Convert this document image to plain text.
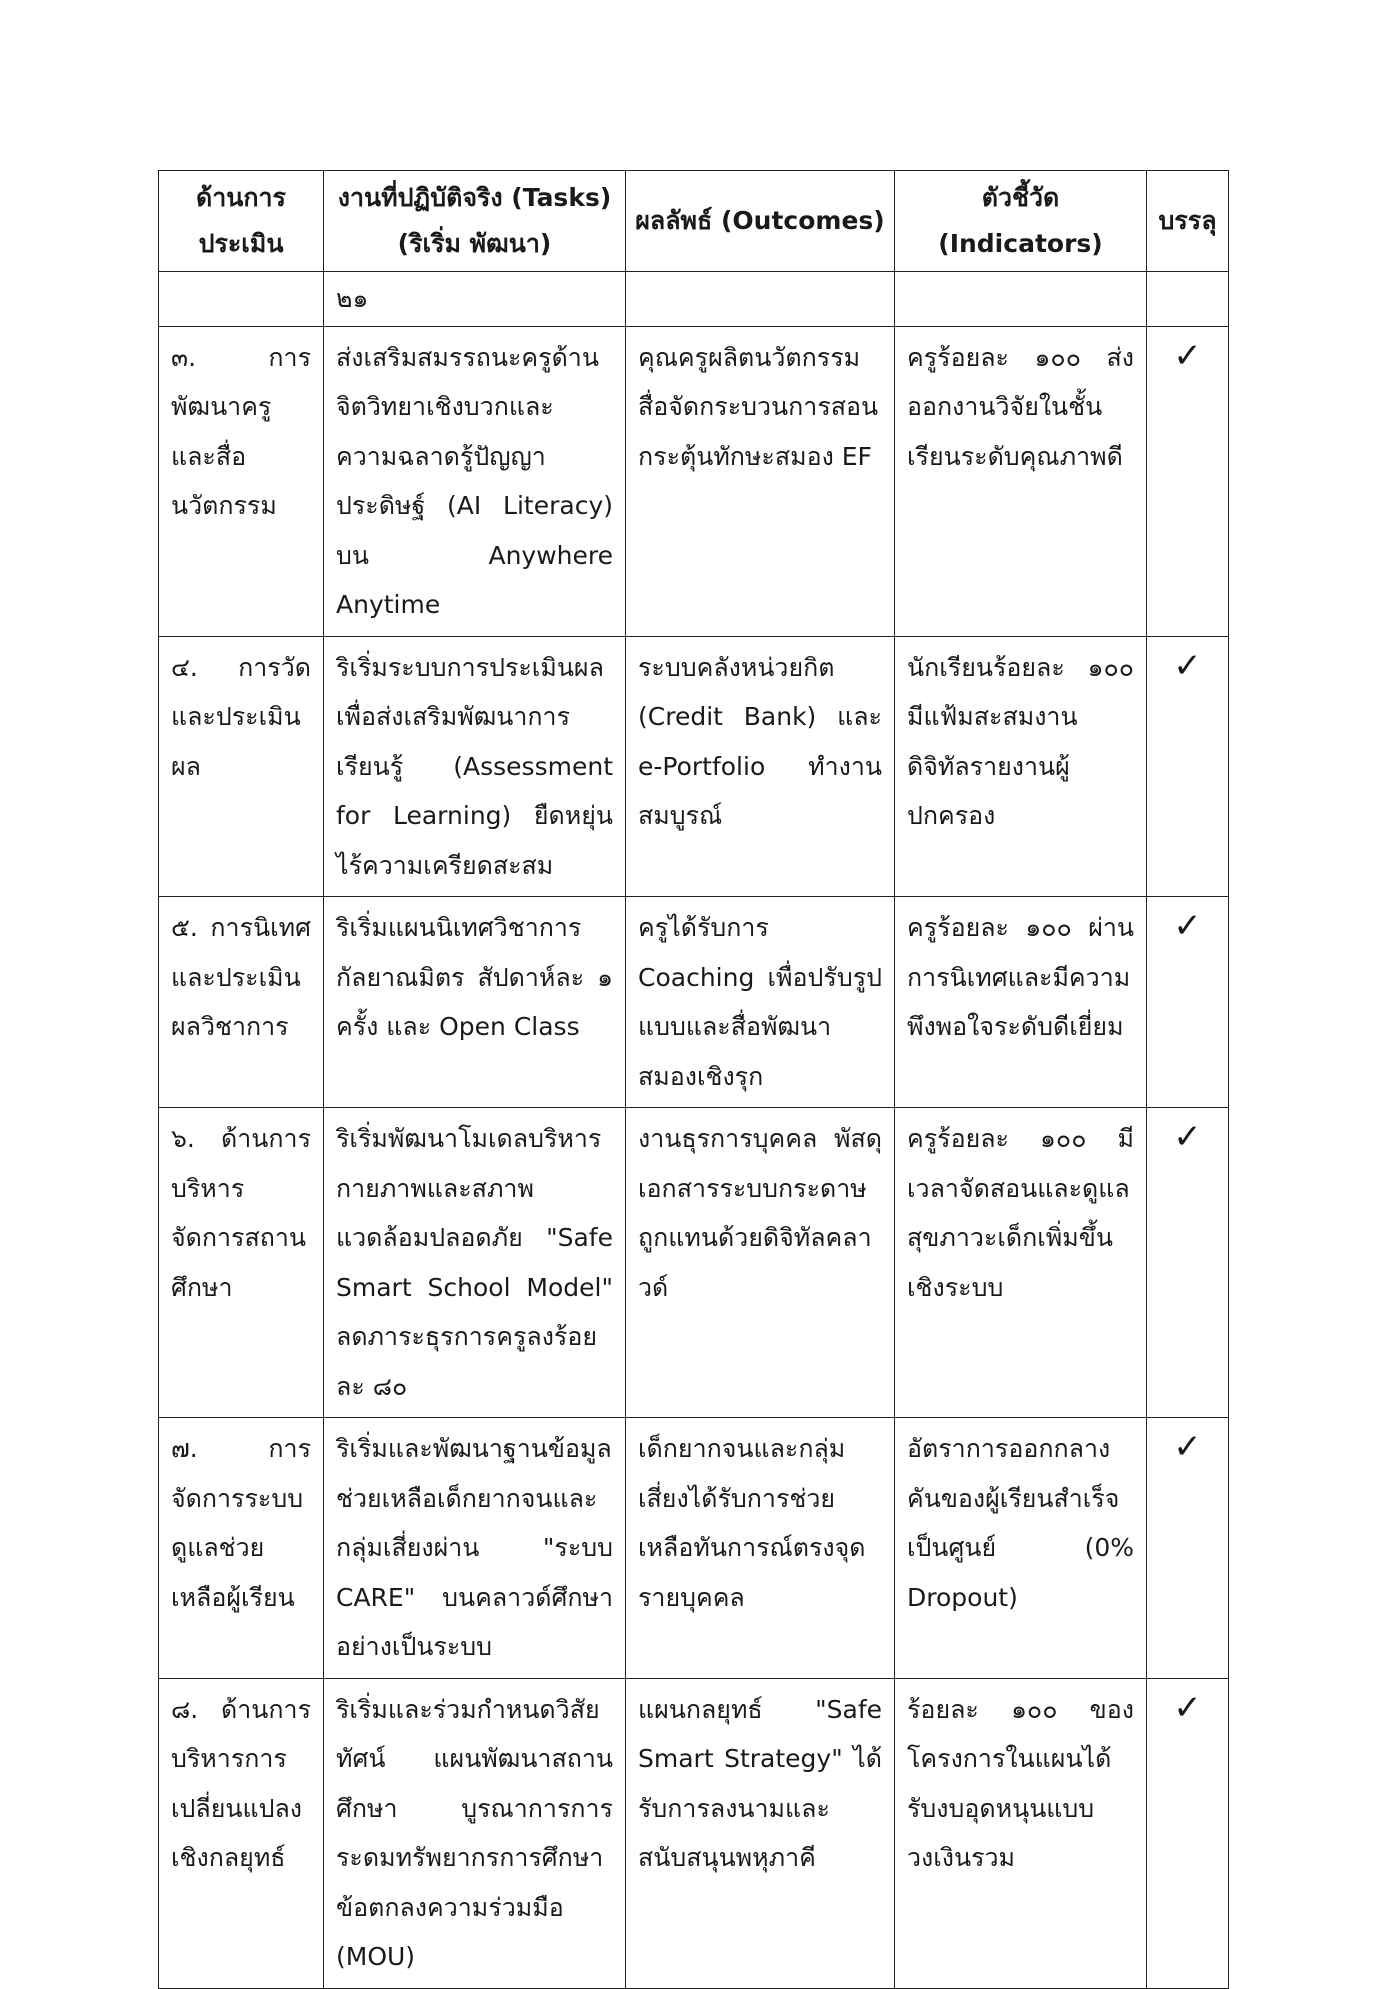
ด้านการประเมิน	งานที่ปฏิบัติจริง (Tasks) (ริเริ่ม พัฒนา)	ผลลัพธ์ (Outcomes)	ตัวชี้วัด (Indicators)	บรรลุ
	๒๑			
๓. การพัฒนาครูและสื่อนวัตกรรม	ส่งเสริมสมรรถนะครูด้านจิตวิทยาเชิงบวกและความฉลาดรู้ปัญญาประดิษฐ์ (AI Literacy) บน Anywhere Anytime	คุณครูผลิตนวัตกรรมสื่อจัดกระบวนการสอนกระตุ้นทักษะสมอง EF	ครูร้อยละ ๑๐๐ ส่งออกงานวิจัยในชั้นเรียนระดับคุณภาพดี	✓
๔. การวัดและประเมินผล	ริเริ่มระบบการประเมินผลเพื่อส่งเสริมพัฒนาการเรียนรู้ (Assessment for Learning) ยืดหยุ่น ไร้ความเครียดสะสม	ระบบคลังหน่วยกิต (Credit Bank) และ e-Portfolio ทำงานสมบูรณ์	นักเรียนร้อยละ ๑๐๐ มีแฟ้มสะสมงานดิจิทัลรายงานผู้ปกครอง	✓
๕. การนิเทศและประเมินผลวิชาการ	ริเริ่มแผนนิเทศวิชาการกัลยาณมิตร สัปดาห์ละ ๑ ครั้ง และ Open Class	ครูได้รับการ Coaching เพื่อปรับรูปแบบและสื่อพัฒนาสมองเชิงรุก	ครูร้อยละ ๑๐๐ ผ่านการนิเทศและมีความพึงพอใจระดับดีเยี่ยม	✓
๖. ด้านการบริหารจัดการสถานศึกษา	ริเริ่มพัฒนาโมเดลบริหารกายภาพและสภาพแวดล้อมปลอดภัย "Safe Smart School Model" ลดภาระธุรการครูลงร้อยละ ๘๐	งานธุรการบุคคล พัสดุ เอกสารระบบกระดาษถูกแทนด้วยดิจิทัลคลาวด์	ครูร้อยละ ๑๐๐ มีเวลาจัดสอนและดูแลสุขภาวะเด็กเพิ่มขึ้นเชิงระบบ	✓
๗. การจัดการระบบดูแลช่วยเหลือผู้เรียน	ริเริ่มและพัฒนาฐานข้อมูลช่วยเหลือเด็กยากจนและกลุ่มเสี่ยงผ่าน "ระบบ CARE" บนคลาวด์ศึกษาอย่างเป็นระบบ	เด็กยากจนและกลุ่มเสี่ยงได้รับการช่วยเหลือทันการณ์ตรงจุดรายบุคคล	อัตราการออกกลางคันของผู้เรียนสำเร็จเป็นศูนย์ (0% Dropout)	✓
๘. ด้านการบริหารการเปลี่ยนแปลงเชิงกลยุทธ์	ริเริ่มและร่วมกำหนดวิสัยทัศน์ แผนพัฒนาสถานศึกษา บูรณาการการระดมทรัพยากรการศึกษาข้อตกลงความร่วมมือ (MOU)	แผนกลยุทธ์ "Safe Smart Strategy" ได้รับการลงนามและสนับสนุนพหุภาคี	ร้อยละ ๑๐๐ ของโครงการในแผนได้รับงบอุดหนุนแบบวงเงินรวม	✓
